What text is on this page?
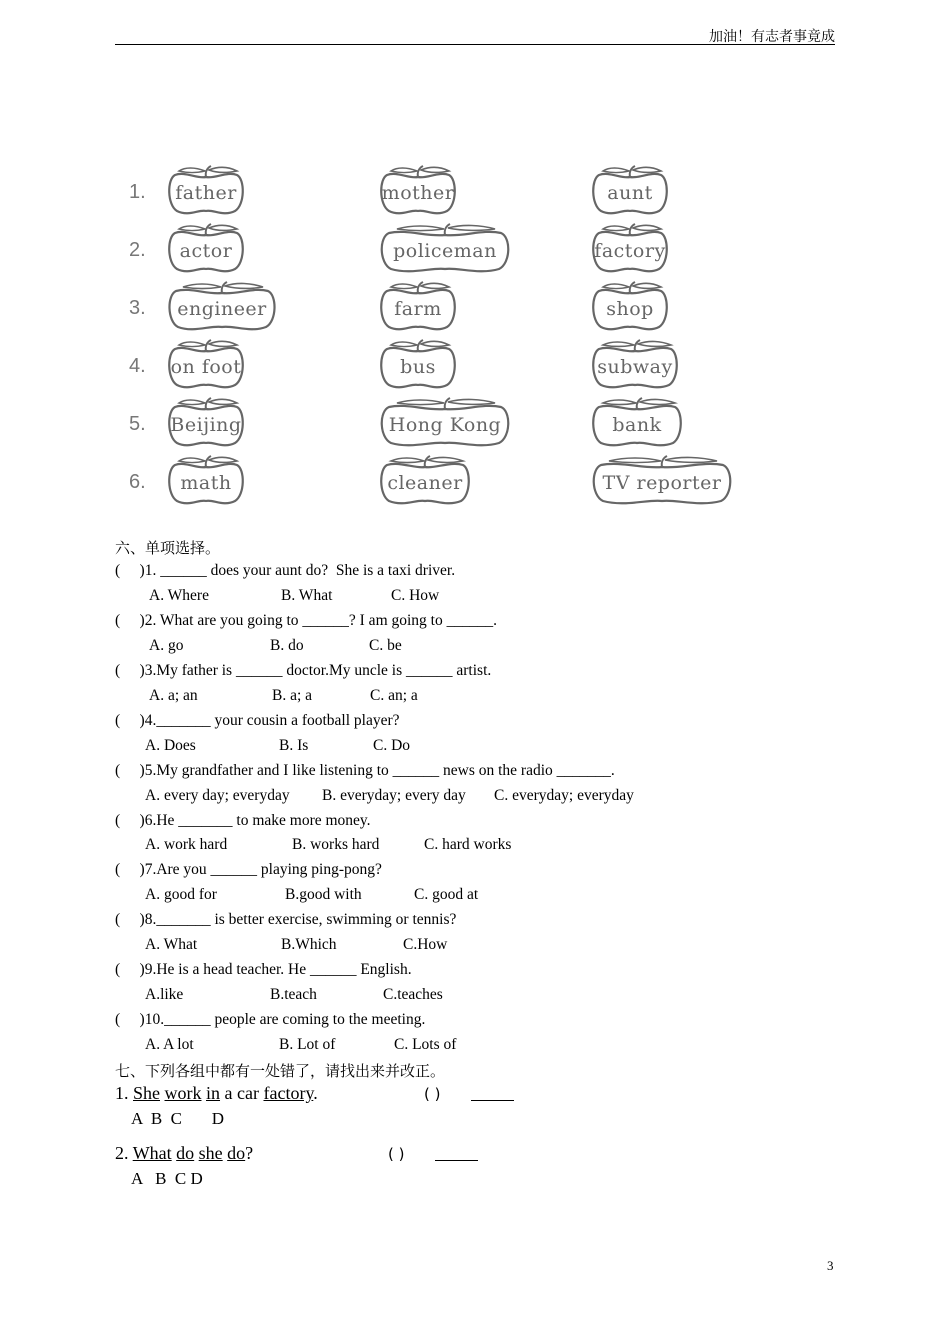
加油！有志者事竟成
1.	father	mother	aunt
2.	actor	policeman	factory
3.	engineer	farm	shop
4. on foot	bus	subway
5. Beijing	Hong Kong	bank
6.	math	cleaner	TV reporter
六、单项选择。
(     )1. ______ does your aunt do?  She is a taxi driver.
A. Where	B. What	C. How
(     )2. What are you going to ______? I am going to ______.
A. go	B. do	C. be
(     )3.My father is ______ doctor.My uncle is ______ artist.
A. a; an	B. a; a	C. an; a
(     )4._______ your cousin a football player?
A. Does	B. Is	C. Do
(     )5.My grandfather and I like listening to ______ news on the radio _______.
A. every day; everyday B. everyday; every day C. everyday; everyday
(     )6.He _______ to make more money.
A. work hard	B. works hard	C. hard works
(     )7.Are you ______ playing ping-pong?
A. good for	B.good with	C. good at
(     )8._______ is better exercise, swimming or tennis?
A. What	B.Which	C.How
(     )9.He is a head teacher. He ______ English.
A.like	B.teach	C.teaches
(     )10.______ people are coming to the meeting.
A. A lot	B. Lot of	C. Lots of
七、下列各组中都有一处错了，请找出来并改正。
1. She work in a car factory.	( )
A  B  C       D
2. What do she do?	( )
A   B  C D
3
